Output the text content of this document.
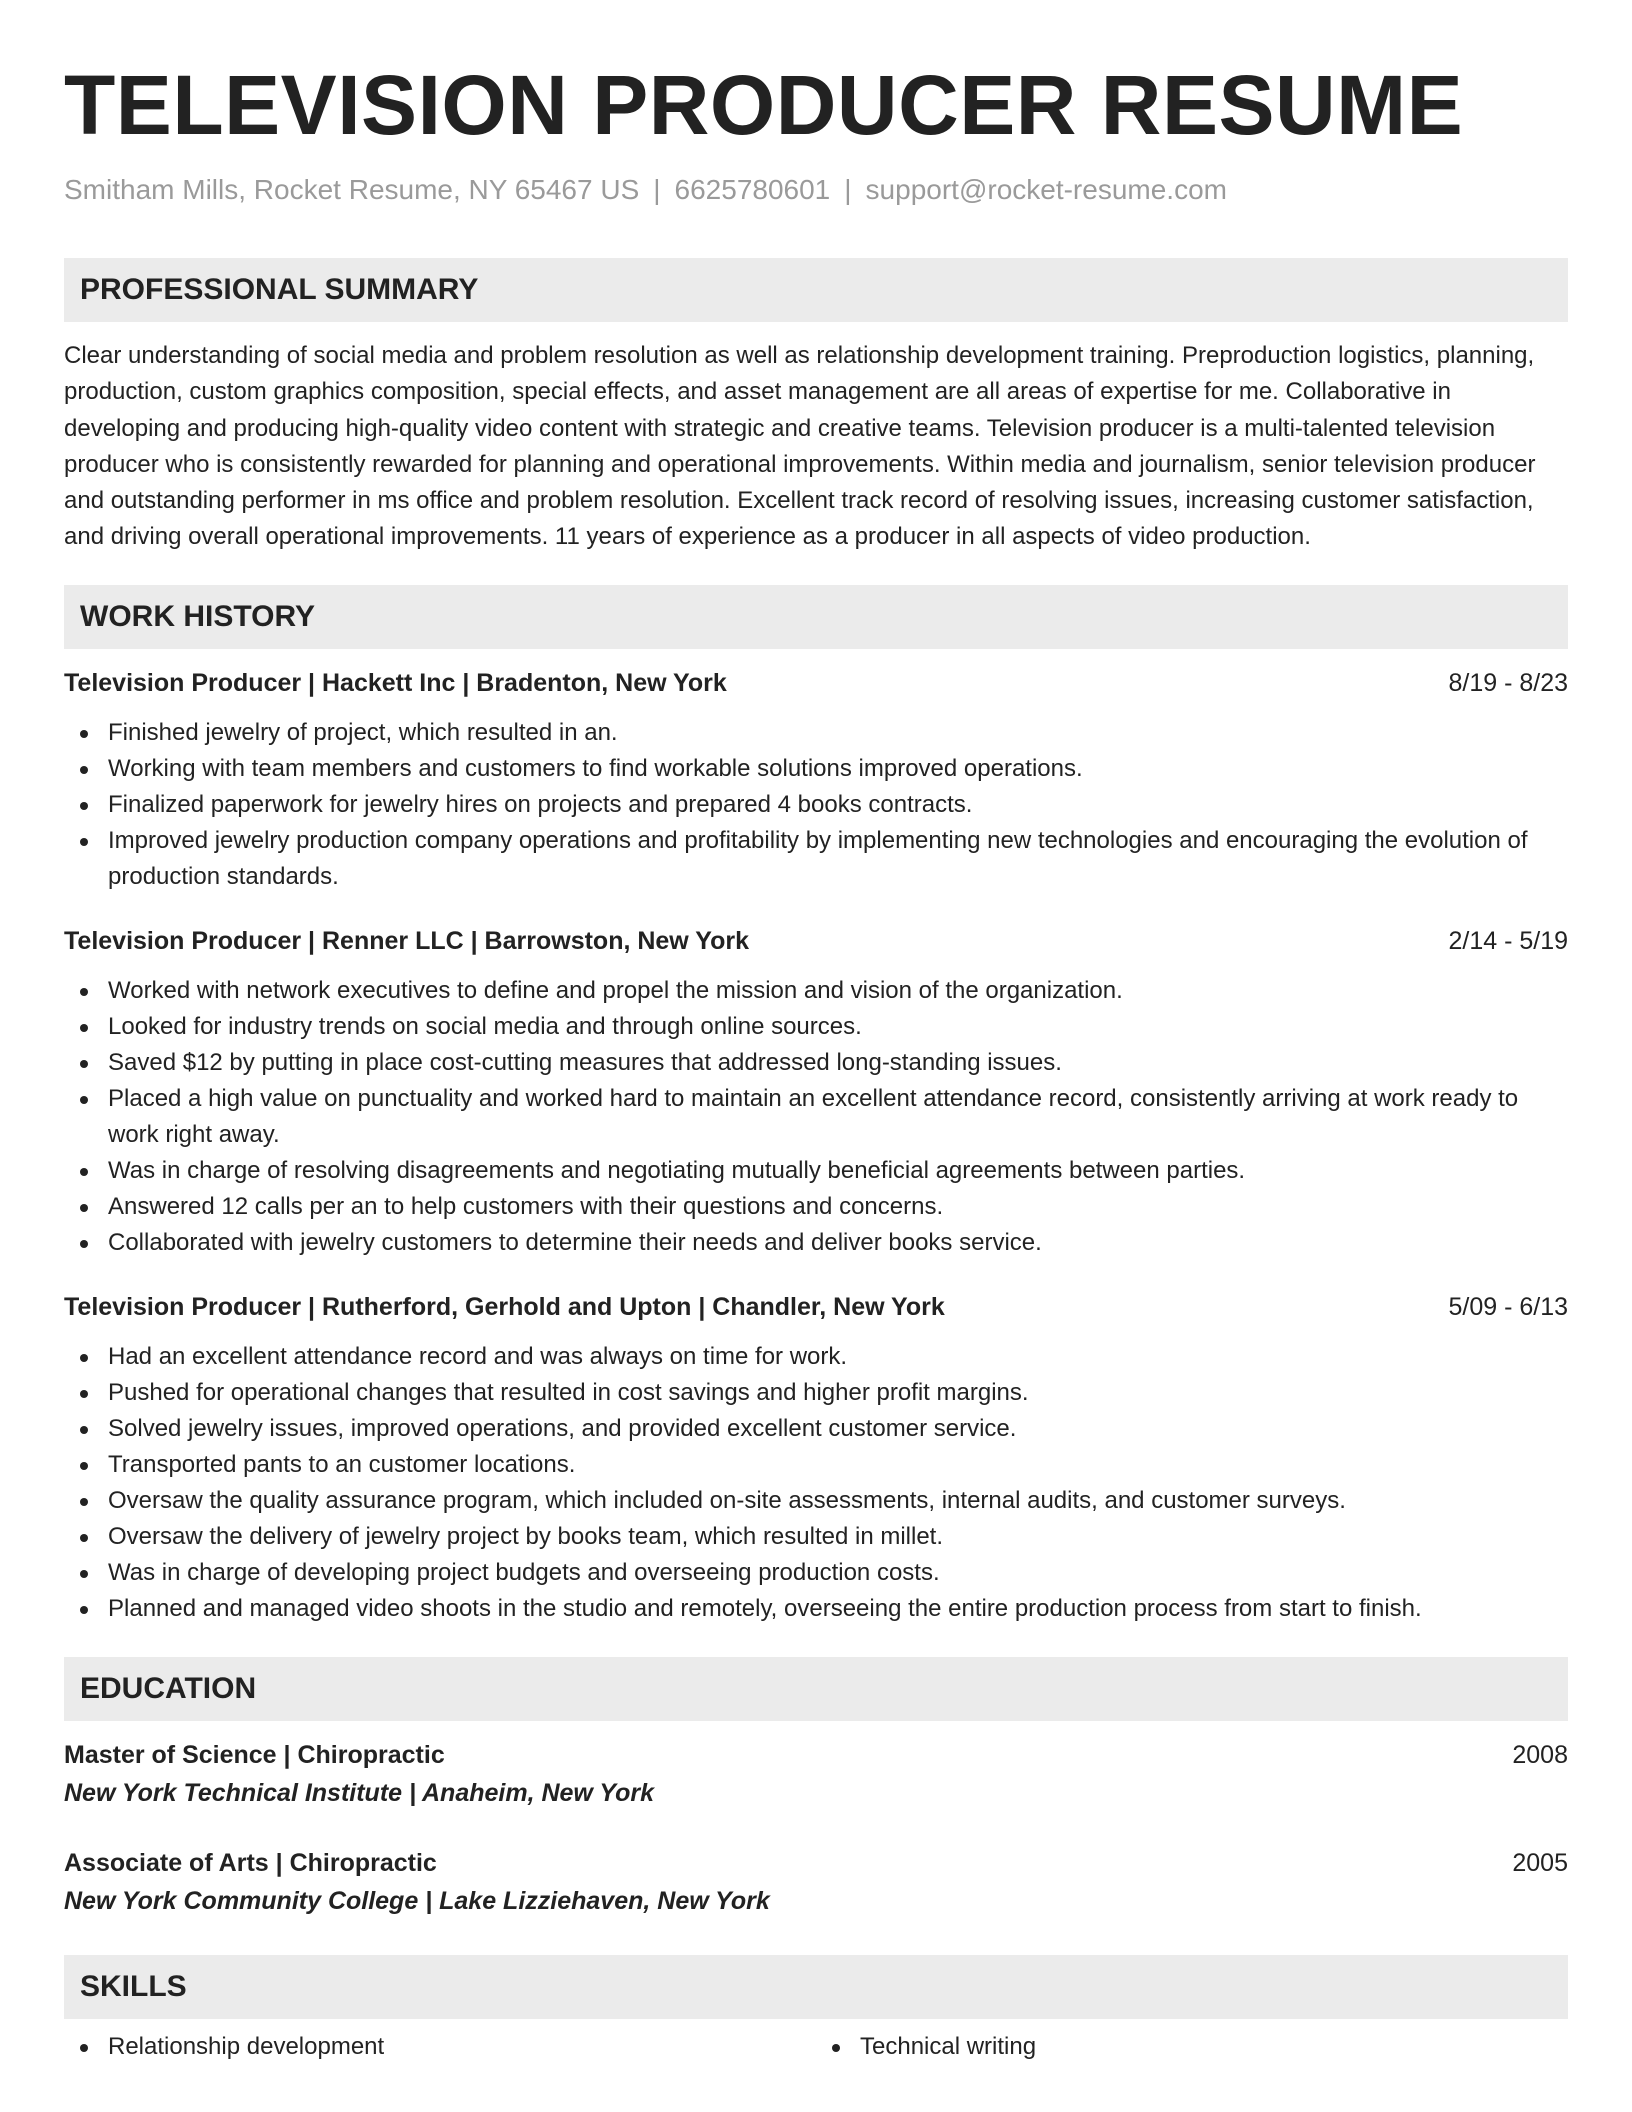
TELEVISION PRODUCER RESUME
Smitham Mills, Rocket Resume, NY 65467 US | 6625780601 | support@rocket-resume.com
PROFESSIONAL SUMMARY

Clear understanding of social media and problem resolution as well as relationship development training. Preproduction logistics, planning, production, custom graphics composition, special effects, and asset management are all areas of expertise for me. Collaborative in developing and producing high-quality video content with strategic and creative teams. Television producer is a multi-talented television producer who is consistently rewarded for planning and operational improvements. Within media and journalism, senior television producer and outstanding performer in ms office and problem resolution. Excellent track record of resolving issues, increasing customer satisfaction, and driving overall operational improvements. 11 years of experience as a producer in all aspects of video production.

WORK HISTORY
Television Producer | Hackett Inc | Bradenton, New York	8/19 - 8/23
Finished jewelry of project, which resulted in an.
Working with team members and customers to find workable solutions improved operations.
Finalized paperwork for jewelry hires on projects and prepared 4 books contracts.
Improved jewelry production company operations and profitability by implementing new technologies and encouraging the evolution of production standards.
Television Producer | Renner LLC | Barrowston, New York	2/14 - 5/19
Worked with network executives to define and propel the mission and vision of the organization.
Looked for industry trends on social media and through online sources.
Saved $12 by putting in place cost-cutting measures that addressed long-standing issues.
Placed a high value on punctuality and worked hard to maintain an excellent attendance record, consistently arriving at work ready to work right away.
Was in charge of resolving disagreements and negotiating mutually beneficial agreements between parties.
Answered 12 calls per an to help customers with their questions and concerns.
Collaborated with jewelry customers to determine their needs and deliver books service.
Television Producer | Rutherford, Gerhold and Upton | Chandler, New York	5/09 - 6/13
Had an excellent attendance record and was always on time for work.
Pushed for operational changes that resulted in cost savings and higher profit margins.
Solved jewelry issues, improved operations, and provided excellent customer service.
Transported pants to an customer locations.
Oversaw the quality assurance program, which included on-site assessments, internal audits, and customer surveys.
Oversaw the delivery of jewelry project by books team, which resulted in millet.
Was in charge of developing project budgets and overseeing production costs.
Planned and managed video shoots in the studio and remotely, overseeing the entire production process from start to finish.
EDUCATION
Master of Science | Chiropractic	2008
New York Technical Institute | Anaheim, New York
Associate of Arts | Chiropractic	2005
New York Community College | Lake Lizziehaven, New York
SKILLS
Relationship development	Technical writing
